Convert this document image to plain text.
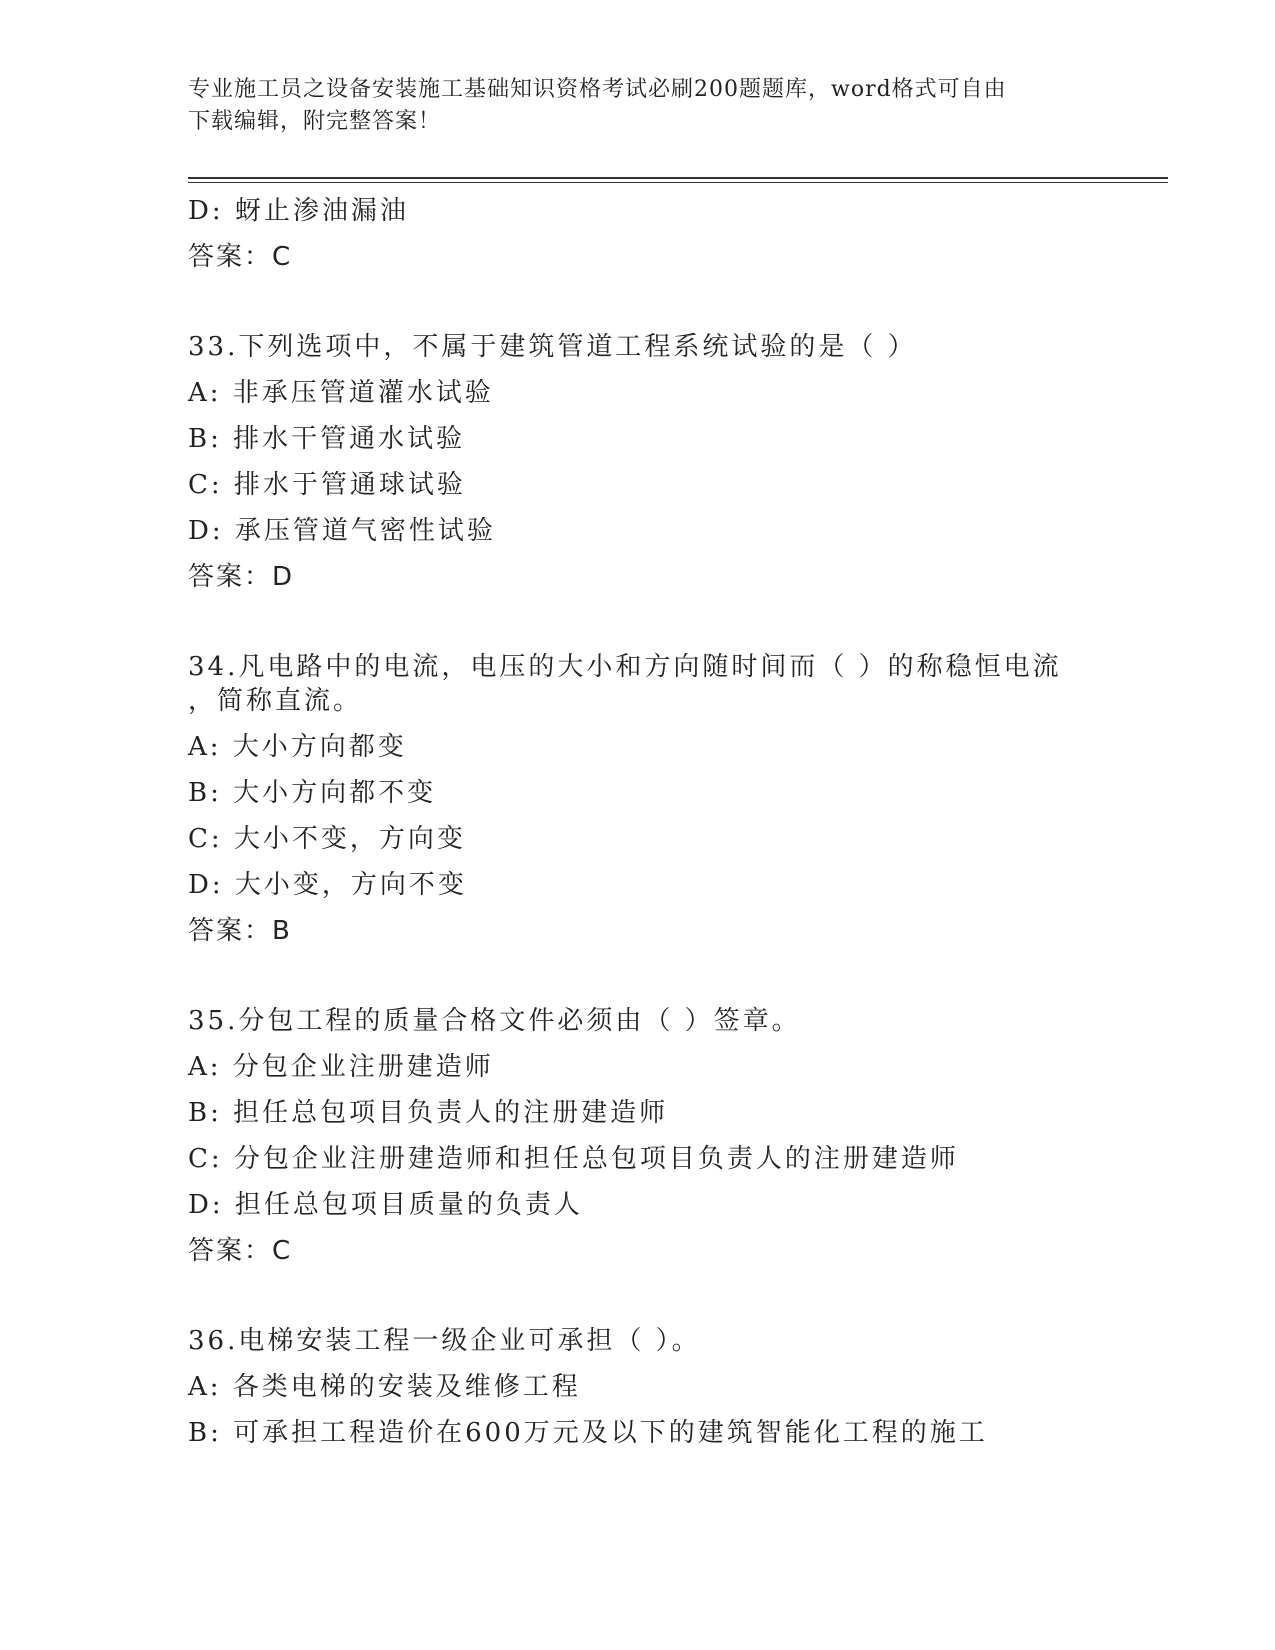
专业施工员之设备安装施工基础知识资格考试必刷200题题库，word格式可自由
下载编辑，附完整答案！
D: 蚜止渗油漏油
答案：C
33.下列选项中，不属于建筑管道工程系统试验的是（ ）
A: 非承压管道灌水试验
B: 排水干管通水试验
C: 排水于管通球试验
D: 承压管道气密性试验
答案：D
34.凡电路中的电流，电压的大小和方向随时间而（ ）的称稳恒电流
，简称直流。
A: 大小方向都变
B: 大小方向都不变
C: 大小不变，方向变
D: 大小变，方向不变
答案：B
35.分包工程的质量合格文件必须由（ ）签章。
A: 分包企业注册建造师
B: 担任总包项目负责人的注册建造师
C: 分包企业注册建造师和担任总包项目负责人的注册建造师
D: 担任总包项目质量的负责人
答案：C
36.电梯安装工程一级企业可承担（ ）。
A: 各类电梯的安装及维修工程
B: 可承担工程造价在600万元及以下的建筑智能化工程的施工
